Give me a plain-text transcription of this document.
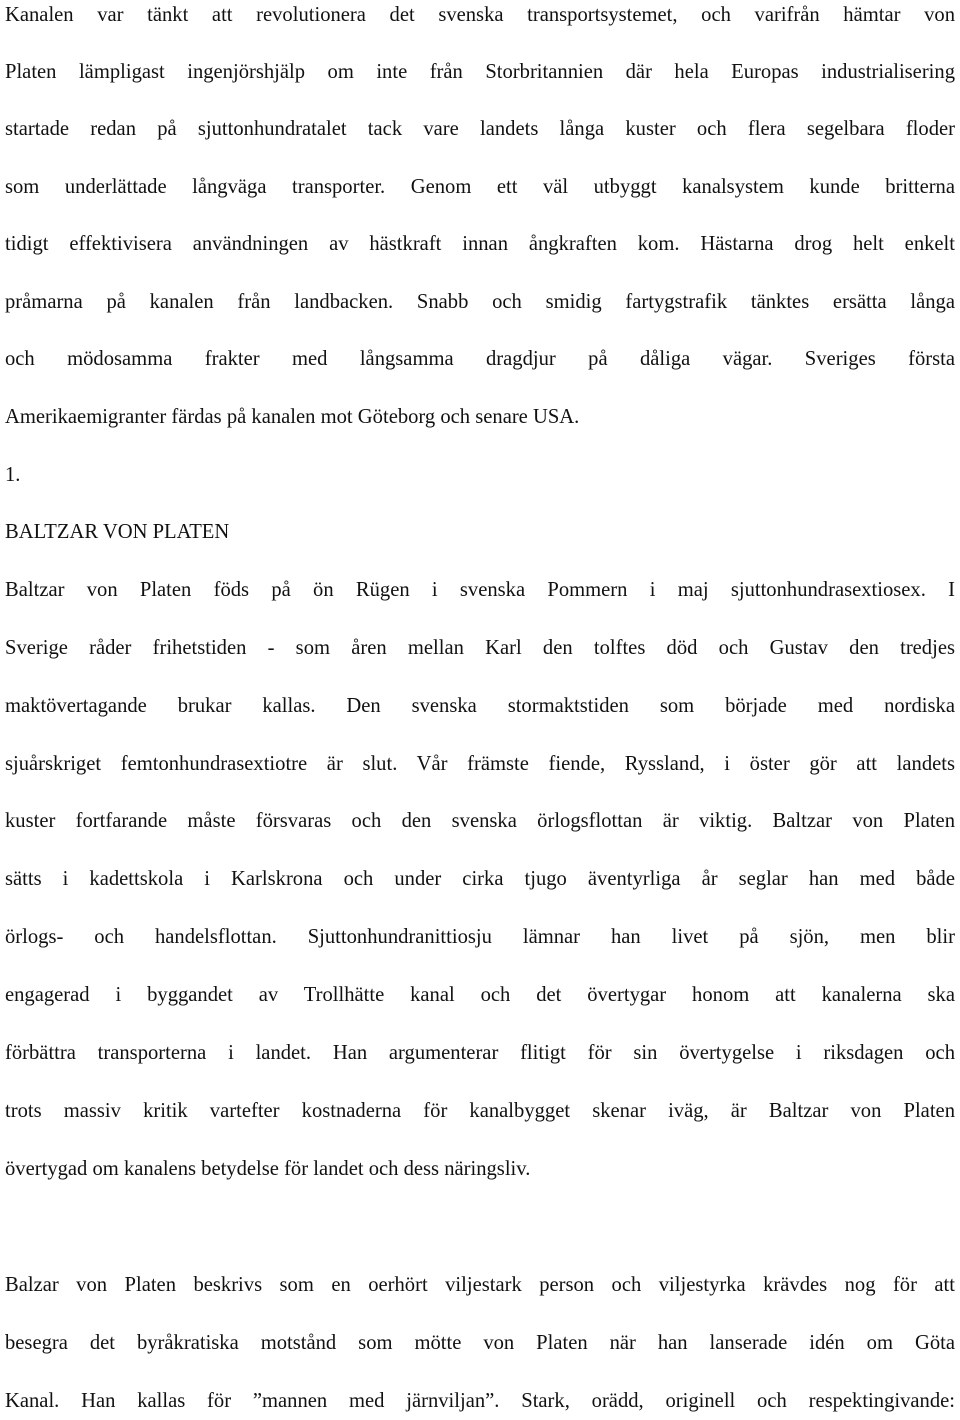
Kanalen var tänkt att revolutionera det svenska transportsystemet, och varifrån hämtar von
Platen lämpligast ingenjörshjälp om inte från Storbritannien där hela Europas industrialisering
startade redan på sjuttonhundratalet tack vare landets långa kuster och flera segelbara floder
som underlättade långväga transporter. Genom ett väl utbyggt kanalsystem kunde britterna
tidigt effektivisera användningen av hästkraft innan ångkraften kom. Hästarna drog helt enkelt
pråmarna på kanalen från landbacken. Snabb och smidig fartygstrafik tänktes ersätta långa
och mödosamma frakter med långsamma dragdjur på dåliga vägar. Sveriges första
Amerikaemigranter färdas på kanalen mot Göteborg och senare USA.
1.
BALTZAR VON PLATEN
Baltzar von Platen föds på ön Rügen i svenska Pommern i maj sjuttonhundrasextiosex. I
Sverige råder frihetstiden - som åren mellan Karl den tolftes död och Gustav den tredjes
maktövertagande brukar kallas. Den svenska stormaktstiden som började med nordiska
sjuårskriget femtonhundrasextiotre är slut. Vår främste fiende, Ryssland, i öster gör att landets
kuster fortfarande måste försvaras och den svenska örlogsflottan är viktig. Baltzar von Platen
sätts i kadettskola i Karlskrona och under cirka tjugo äventyrliga år seglar han med både
örlogs- och handelsflottan. Sjuttonhundranittiosju lämnar han livet på sjön, men blir
engagerad i byggandet av Trollhätte kanal och det övertygar honom att kanalerna ska
förbättra transporterna i landet. Han argumenterar flitigt för sin övertygelse i riksdagen och
trots massiv kritik vartefter kostnaderna för kanalbygget skenar iväg, är Baltzar von Platen
övertygad om kanalens betydelse för landet och dess näringsliv.
Balzar von Platen beskrivs som en oerhört viljestark person och viljestyrka krävdes nog för att
besegra det byråkratiska motstånd som mötte von Platen när han lanserade idén om Göta
Kanal. Han kallas för ”mannen med järnviljan”. Stark, orädd, originell och respektingivande:
